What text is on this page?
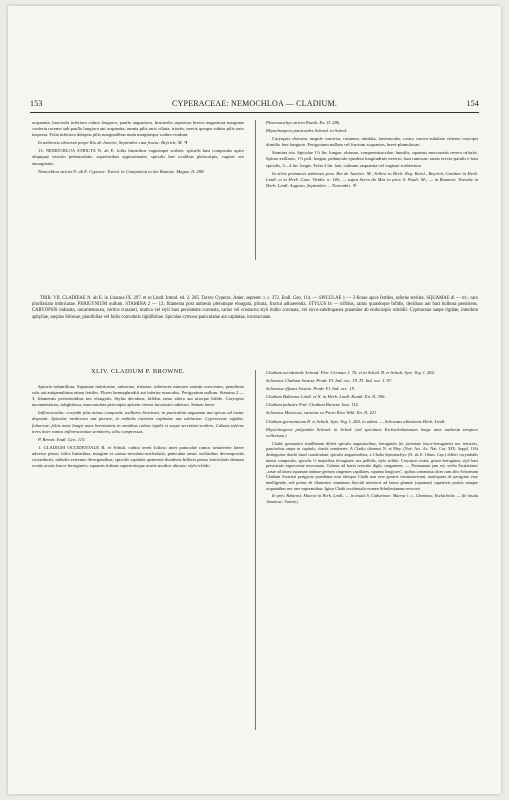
153	CYPERACEAE: NEMOCHLOA — CLADIUM.	154

acquantia, bracteola inferiora culmo longiora, paullo angustiora, bracteolis superiora brevia angustiora marginae conferta racemo sub paullo longiora aut acquantia, omnia pilis raris ciliata, trisetis, nervis quoque subtus pilis raris inspersa. Folia inferiora delapsis pilis marginalibus nuda margineque scabra evadunt.

In umbrosis silvarum prope Rio de Janeiro, Septembri cum fructu: Beyrich, M. ♃

13. NEMOCHLOA STRICTA N. ab E. foliis linearibus vaginisque scabris: spiculis basi compositis apice aliquipue exserto pedunculatis, superioribus approximatis; spiculis late ovalibus pleiocarpis; vaginis ore emarginatis.

Nemochloa stricta N. ab E. Cyperac. Tweed. in Companion to the Botanic. Magaz. II. 298.

Pleurostachys stricta Kunth. En. II. 286.

Rhynchospora panicoides Schrad. in Sched.

Caryopsis obovata, turgide convexa, castanea, nitidula, laevinsculis, rostro conico-subulato cinereo caryopsi dimidio fere longiore. Perigynium nullum vel fructum acquantes, brevi-plumulosae.

Stamina tria. Spiculae 1½ lin. longae, obtusae, compressiusculae, humilis, squamis mucronatis revera trifariis. Spicae axillares, 1½ poll. longae, pedunculo ejusdem longitudinis exserto, basi ramosae, ramis erecto-patulis e basi spiculis, 3—4 lin. longis. Folia 3 lin. lata, culmum aequantia vel vaginae scaberrima.

In silvis primaevis umbrosis prov. Rio de Janeiro: M., Sellow in Herb. Reg. Berol., Beyrich, Gardner in Herb. Lindl. et in Herb. Cass. Viridis. n. 146; — supra Serra do Mar in prov. S. Pauli: M.; — in Bonaria: Tweedie in Herb. Lindl. Augusto, Septembri — Novembri. ♃

TRIB. VII. CLADIEAE N. ab E. in Linnaea IX. 297. et in Lindl. Introd. ed. 2. 285. Torrey Cyperac. Amer. septentr. l. c. 372. Endl. Gen. 114. — SPICULAE 1 — 3-florae apice fertiles, inferne steriles. SQUAMAE di — tri-, raro plurifariam imbricatae. PERIGYNIUM nullum. STAMINA 2 — 12; filamenta post anthesin plerumque elongata, plicata, fructui adhaerentia. STYLUS bi — trifidus, ramis quandoque bifidis, deciduus aut basi bulbosa persistens. CARYOPSIS indurata, uncamentacea, vertice crassiori, mutica vel styli basi persistente coronata, rarius vel crustacea styli bulbo coronata, vel sicco-subdrupacea putamine ab endocarpio solubili. Cyperaceae saepe rigidae, interdum aphyllae, saepius foliosae, planifoliae vel foliis convolutis rigidifoliae. Spiculae cymoso-paniculatae aut capitatae, involucratae.

XLIV. CLADIUM P. BROWNE.

Spicula subuniflora. Squamae imbricatae, uniseriae, trifariae, inferiores minores sensim crescentes, penultima sola aut antipenultima etiam fertiles. Flores hermaphroditi aut inferior masculus. Perigynium nullum. Stamina 2 — 3, filamentis persistentibus nec elongatis. Stylus deciduus, bifidus ramo altero aut utroque bifido. Caryopsis uncamentacea, subglobosa, mucronulata pericarpio apicem versus incrassato subeoso. Semen laeve.

Inflorescentia: corymbi plus minus compositi, axillares bracteati, in paniculam angustam aut spicas ad instar dispositi. Spiculae mediocres aut parvae, in radiolis extremis capitatae aut solitariae. Cyperaceae rigidae, foliaceae, foliis nunc longis nunc brevissimis in omnibus culmo rigidis et saepe serrulato-scabris. Culmus inferne teres inter ramos inflorescentiae semiteres, aliis compressus.

P. Brown. Endl. Gen. 115.

1. CLADIUM OCCIDENTALE R. et Schult. culmo tereti folioso inter paniculae ramos semiterete latere adverso plano; foliis linearibus, margine et carina serrulato-aculeolatis; paniculae ramis axillaribus decompositis corymbosis, radiolis extremis divergentibus; spiculis capitatis quaternis-duodenis bifloris primo lanceolatis demum ovatis acutis fusco-ferrugineis; squamis infimis superiorisque acutis modice obtusis; stylo trifido.

Cladium occidentale Schrad. Flor. German. I. 76. et in Sched. R. et Schult. Syst. Veg. I. 284.

Schoenus Cladium Swartz. Prodr. Fl. Ind. occ. 19. Fl. Ind. occ. I. 97.

Schoenus effusus Swartz. Prodr. Fl. Ind. occ. 19.

Cladium Bahiense Lindl. et N. in Herb. Lindl. Kunth. En. II. 306.

Cladium palustre Poir. Cladium Browne Jam. 114.

Schoenus Mariscus, varietas ex Porto Rico Vahl. En. II. 221.

Cladium germanicum R. et Schult. Syst. Veg. I. 284. in adnot. — Schoenus altissimus Herb. Lindl.

Rhynchospora polyantha Schrad. in Sched. (ad specimen Eschscholtzianum longe ante anthesin tempore collectum.)

Cladio germanico simillimum differt spiculis angustioribus, ferrugineis (in juventute fusco-ferrugineis) nec testaceis, pauciorbus saepe in capitulo, rhachi semiterete. A Cladio chinensi N. et Mey. (Nov. Act. Ac. Nat. Cur. XIX. Suppl. 116) distinguitur rhachi haud canaliculata, spiculis angustioribus; a Cladio leptostachyo (N. ab E. Glum. Cap.) differt corymbulis minus compositis, spiculis ½ majoribus ferrugineis nec pallidis, stylo trifido. Caryopsis ovata, griseo-ferruginea, styli basi persistente nigrescente mucronata. Culmus ad basin crassitie digiti, sanguineus. — Peronanum jam est, verba Swartziana: „setae ad latera squamae intimae germen cingentes capillares, squama longiores", quibus commotus olim cum aliis Schoenum Cladium Swartzii perigynio praeditum esse ideoque Cladii non esse generis existimaverunt, nuntiquam de perigynio esse intelligenda, sed potius de filamentis staminum flaccidi inferioris ad latera glumae (squamae) superioris positis nimque acquantibus nec rare superantibus. Igitur Cladii occidentalis nomen Schultesianum revocavi.

In prov. Bahiensi: Macrae in Herb. Lindl.; — in insula S. Catharinae: Macrae l. c., Chamisso, Eschscholtz. — (In insula Jamaicae: Swartz.)
